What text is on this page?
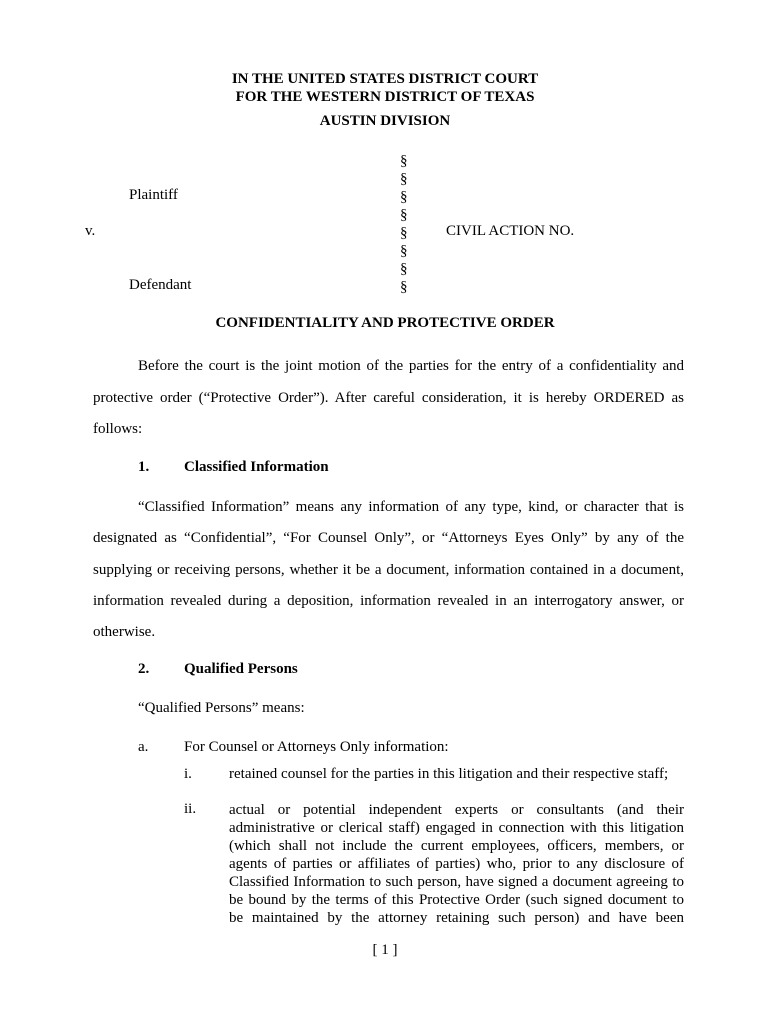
IN THE UNITED STATES DISTRICT COURT
FOR THE WESTERN DISTRICT OF TEXAS
AUSTIN DIVISION
Plaintiff
v.
Defendant
§
§
§
§
§
§
§
§
CIVIL ACTION NO.
CONFIDENTIALITY AND PROTECTIVE ORDER
Before the court is the joint motion of the parties for the entry of a confidentiality and
protective order (“Protective Order”). After careful consideration, it is hereby ORDERED as
follows:
1. Classified Information
“Classified Information” means any information of any type, kind, or character that is
designated as “Confidential”, “For Counsel Only”, or “Attorneys Eyes Only” by any of the
supplying or receiving persons, whether it be a document, information contained in a document,
information revealed during a deposition, information revealed in an interrogatory answer, or
otherwise.
2. Qualified Persons
“Qualified Persons” means:
a. For Counsel or Attorneys Only information:
i. retained counsel for the parties in this litigation and their respective staff;
ii. actual or potential independent experts or consultants (and their
administrative or clerical staff) engaged in connection with this litigation
(which shall not include the current employees, officers, members, or
agents of parties or affiliates of parties) who, prior to any disclosure of
Classified Information to such person, have signed a document agreeing to
be bound by the terms of this Protective Order (such signed document to
be maintained by the attorney retaining such person) and have been
[ 1 ]
